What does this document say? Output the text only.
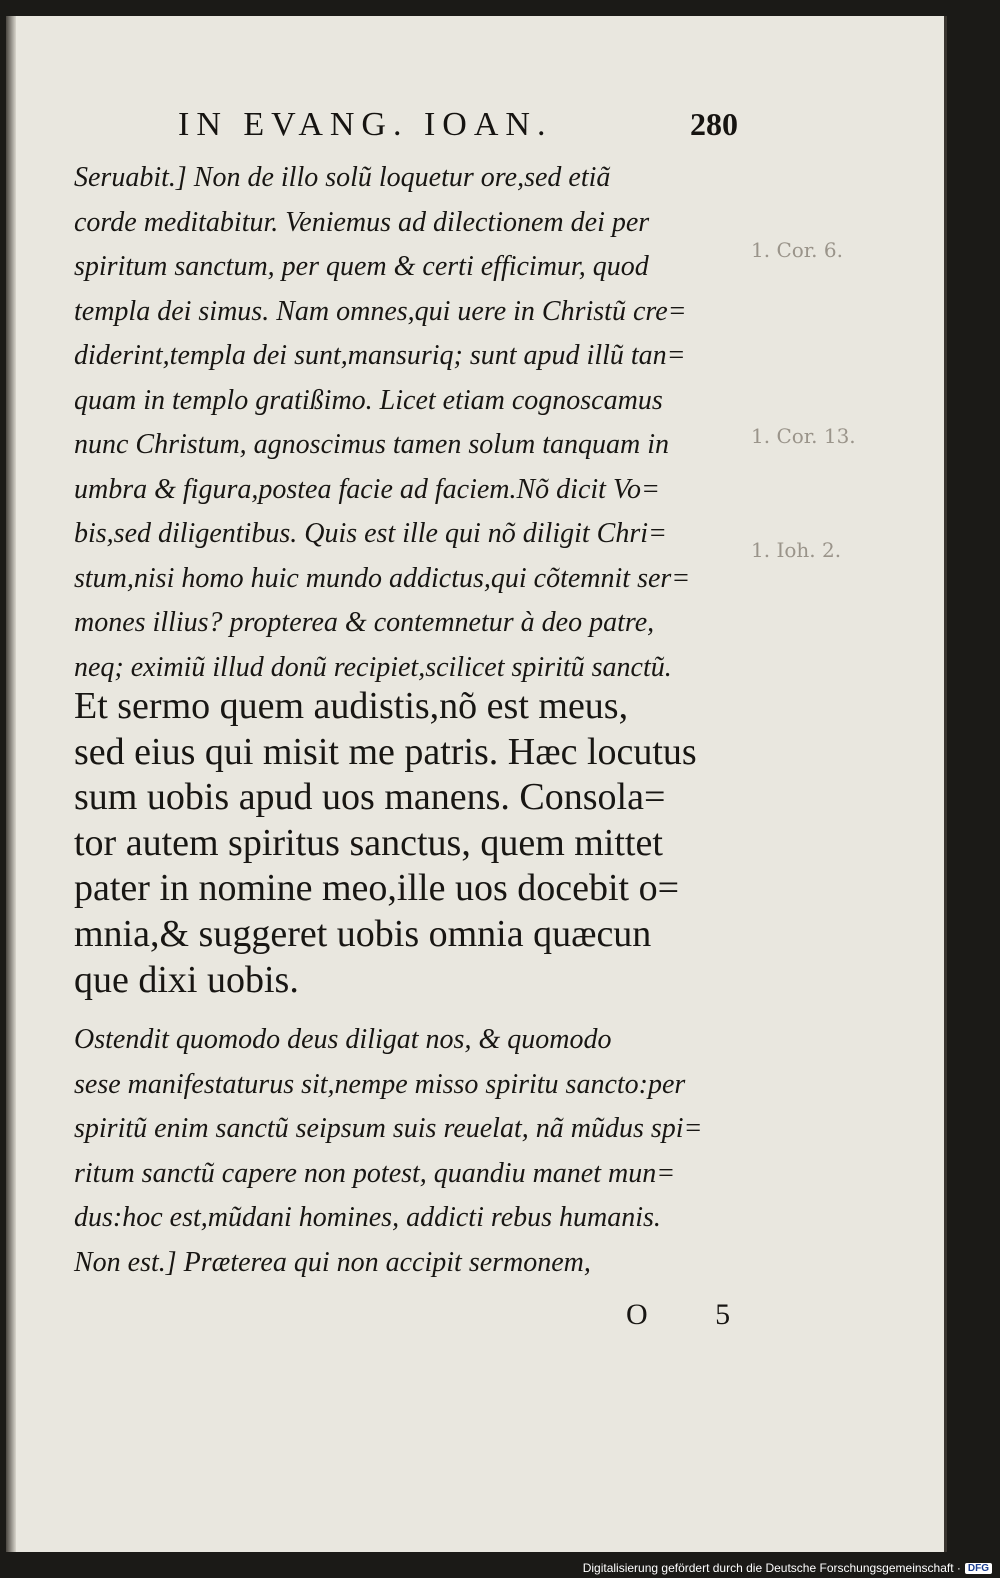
IN EVANG. IOAN.	280
Seruabit.] Non de illo solũ loquetur ore,sed etiã
corde meditabitur. Veniemus ad dilectionem dei per
spiritum sanctum, per quem & certi efficimur, quod
templa dei simus. Nam omnes,qui uere in Christũ cre=
diderint,templa dei sunt,mansuriq; sunt apud illũ tan=
quam in templo gratißimo. Licet etiam cognoscamus
nunc Christum, agnoscimus tamen solum tanquam in
umbra & figura,postea facie ad faciem.Nõ dicit Vo=
bis,sed diligentibus. Quis est ille qui nõ diligit Chri=
stum,nisi homo huic mundo addictus,qui cõtemnit ser=
mones illius? propterea & contemnetur à deo patre,
neq; eximiũ illud donũ recipiet,scilicet spiritũ sanctũ.
Et sermo quem audistis,nõ est meus,
sed eius qui misit me patris. Hæc locutus
sum uobis apud uos manens. Consola=
tor autem spiritus sanctus, quem mittet
pater in nomine meo,ille uos docebit o=
mnia,& suggeret uobis omnia quæcun
que dixi uobis.
Ostendit quomodo deus diligat nos, & quomodo
sese manifestaturus sit,nempe misso spiritu sancto:per
spiritũ enim sanctũ seipsum suis reuelat, nã mũdus spi=
ritum sanctũ capere non potest, quandiu manet mun=
dus:hoc est,mũdani homines, addicti rebus humanis.
Non est.] Præterea qui non accipit sermonem,
1. Cor. 6.
1. Cor. 13.
1. Ioh. 2.
O 5
Digitalisierung gefördert durch die Deutsche Forschungsgemeinschaft · DFG
